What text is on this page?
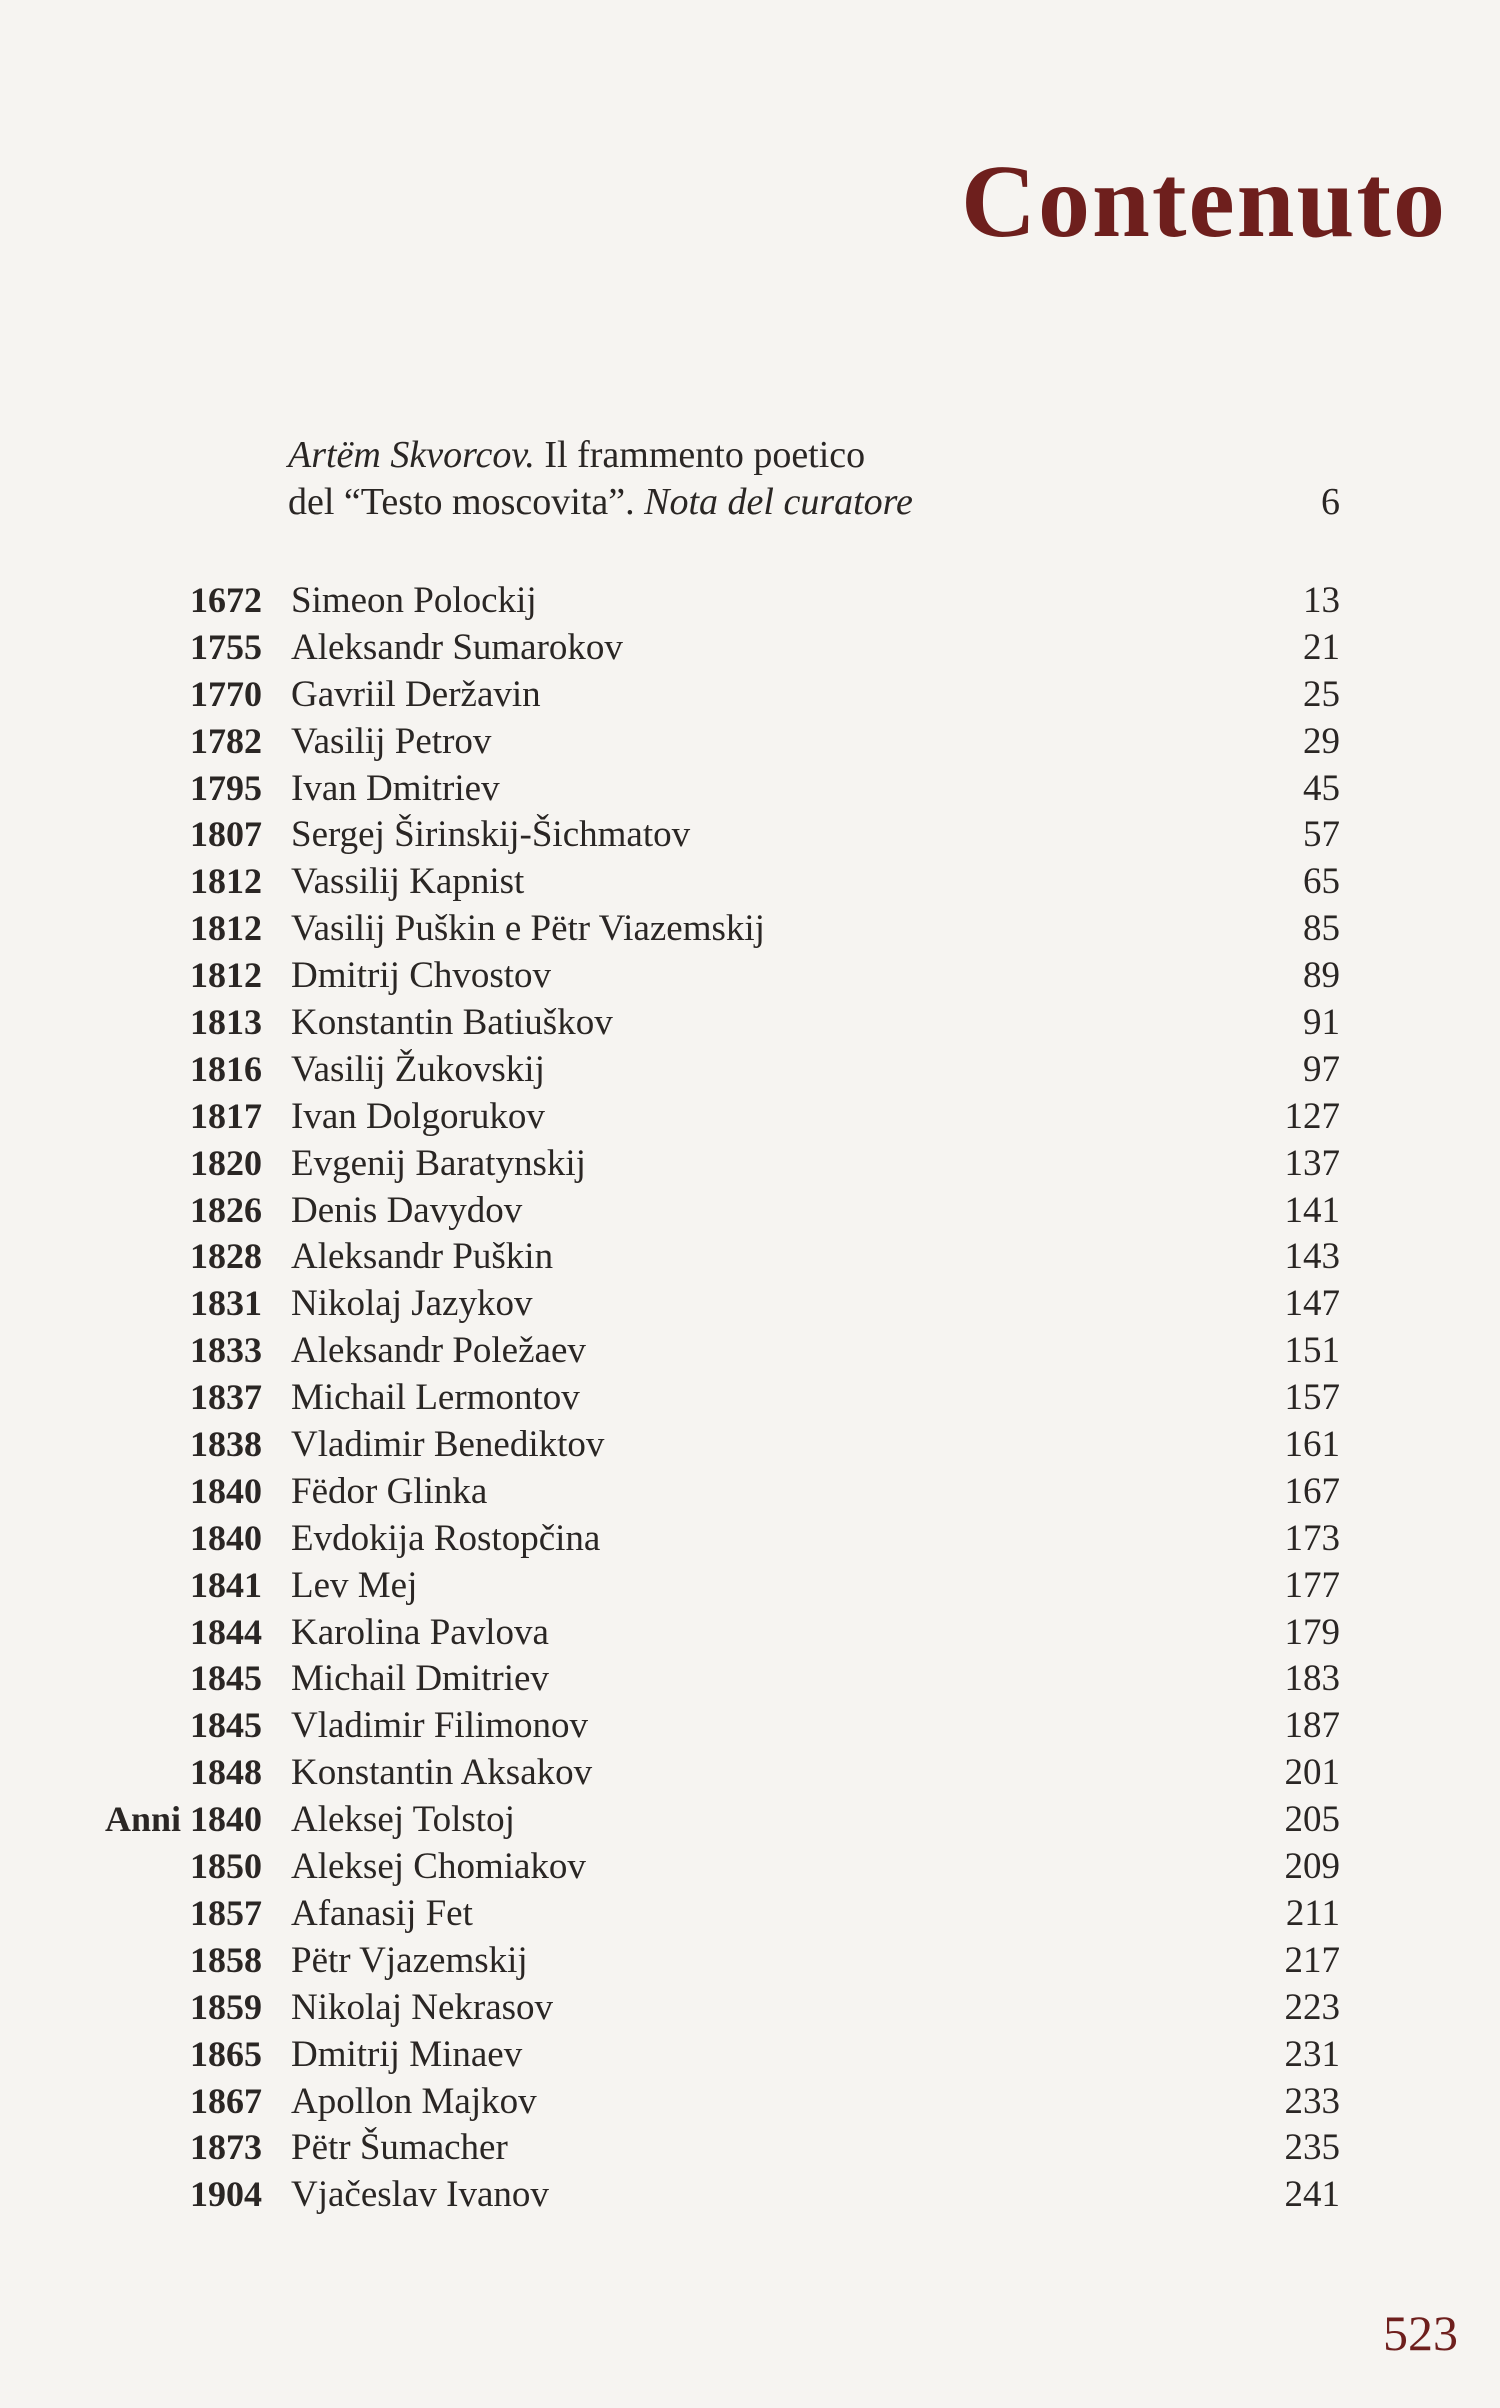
Contenuto
Artëm Skvorcov. Il frammento poetico
del “Testo moscovita”. Nota del curatore	6
1672 Simeon Polockij	13
1755 Aleksandr Sumarokov	21
1770 Gavriil Deržavin	25
1782 Vasilij Petrov	29
1795 Ivan Dmitriev	45
1807 Sergej Širinskij-Šichmatov	57
1812 Vassilij Kapnist	65
1812 Vasilij Puškin e Pëtr Viazemskij	85
1812 Dmitrij Chvostov	89
1813 Konstantin Batiuškov	91
1816 Vasilij Žukovskij	97
1817 Ivan Dolgorukov	127
1820 Evgenij Baratynskij	137
1826 Denis Davydov	141
1828 Aleksandr Puškin	143
1831 Nikolaj Jazykov	147
1833 Aleksandr Poležaev	151
1837 Michail Lermontov	157
1838 Vladimir Benediktov	161
1840 Fëdor Glinka	167
1840 Evdokija Rostopčina	173
1841 Lev Mej	177
1844 Karolina Pavlova	179
1845 Michail Dmitriev	183
1845 Vladimir Filimonov	187
1848 Konstantin Aksakov	201
Anni 1840 Aleksej Tolstoj	205
1850 Aleksej Chomiakov	209
1857 Afanasij Fet	211
1858 Pëtr Vjazemskij	217
1859 Nikolaj Nekrasov	223
1865 Dmitrij Minaev	231
1867 Apollon Majkov	233
1873 Pëtr Šumacher	235
1904 Vjačeslav Ivanov	241
523
